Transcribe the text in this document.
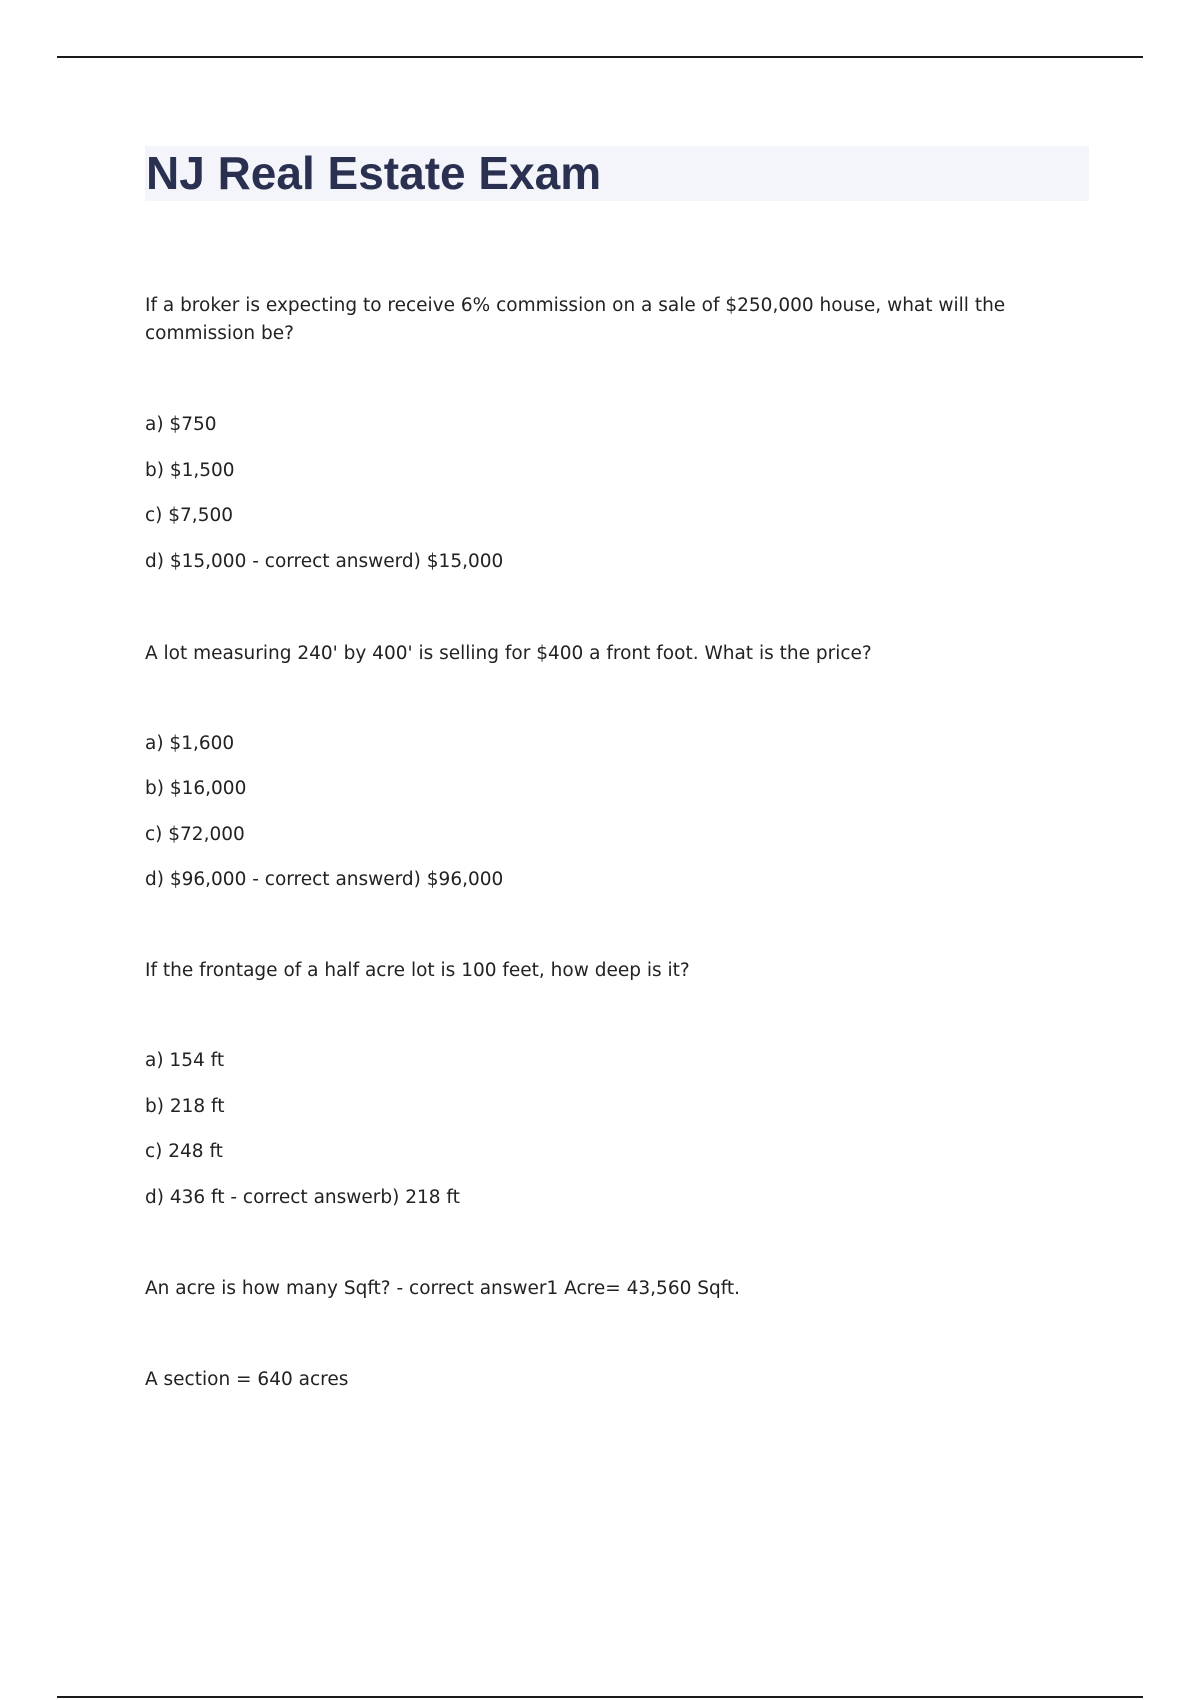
NJ Real Estate Exam

If a broker is expecting to receive 6% commission on a sale of $250,000 house, what will the commission be?

a) $750

b) $1,500

c) $7,500

d) $15,000 - correct answerd) $15,000

A lot measuring 240' by 400' is selling for $400 a front foot. What is the price?

a) $1,600

b) $16,000

c) $72,000

d) $96,000 - correct answerd) $96,000

If the frontage of a half acre lot is 100 feet, how deep is it?

a) 154 ft

b) 218 ft

c) 248 ft

d) 436 ft - correct answerb) 218 ft

An acre is how many Sqft? - correct answer1 Acre= 43,560 Sqft.

A section = 640 acres
